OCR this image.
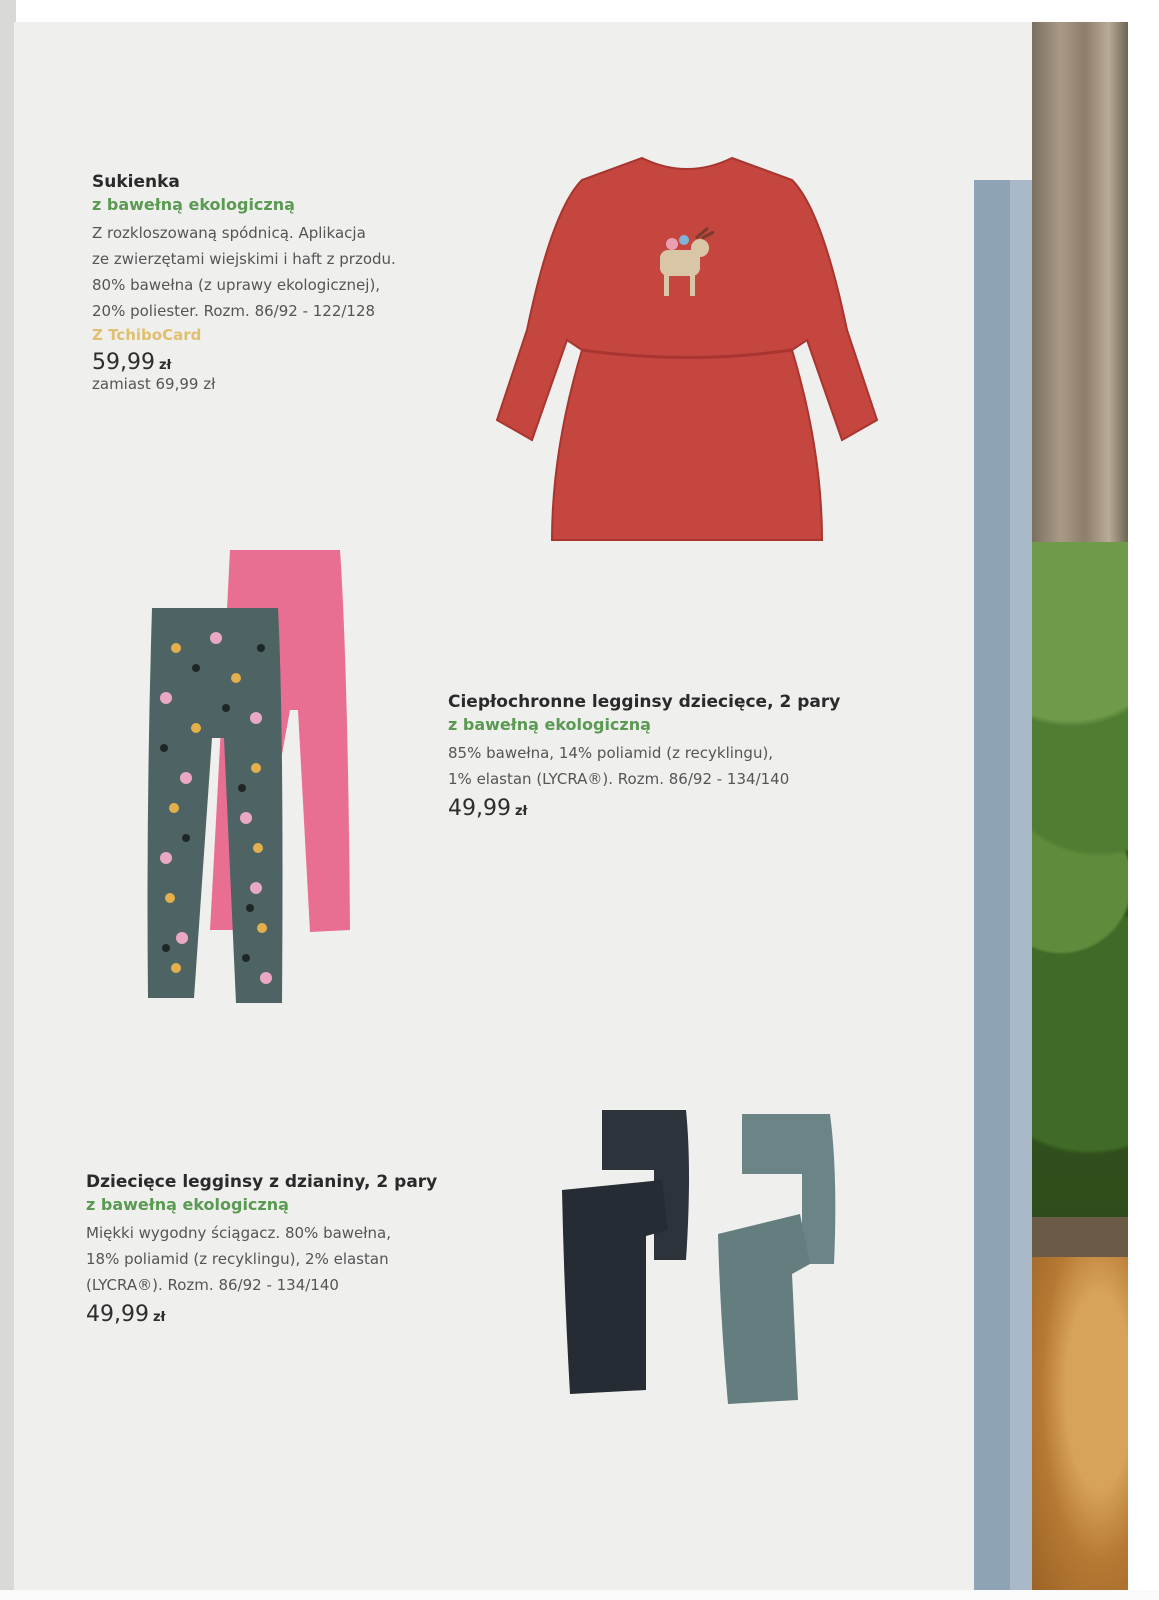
Sukienka

z bawełną ekologiczną

Z rozkloszowaną spódnicą. Aplikacja
ze zwierzętami wiejskimi i haft z przodu.
80% bawełna (z uprawy ekologicznej),
20% poliester. Rozm. 86/92 - 122/128

Z TchiboCard

59,99 zł

zamiast 69,99 zł

Ciepłochronne legginsy dziecięce, 2 pary

z bawełną ekologiczną

85% bawełna, 14% poliamid (z recyklingu),
1% elastan (LYCRA®). Rozm. 86/92 - 134/140

49,99 zł

Dziecięce legginsy z dzianiny, 2 pary

z bawełną ekologiczną

Miękki wygodny ściągacz. 80% bawełna,
18% poliamid (z recyklingu), 2% elastan
(LYCRA®). Rozm. 86/92 - 134/140

49,99 zł
